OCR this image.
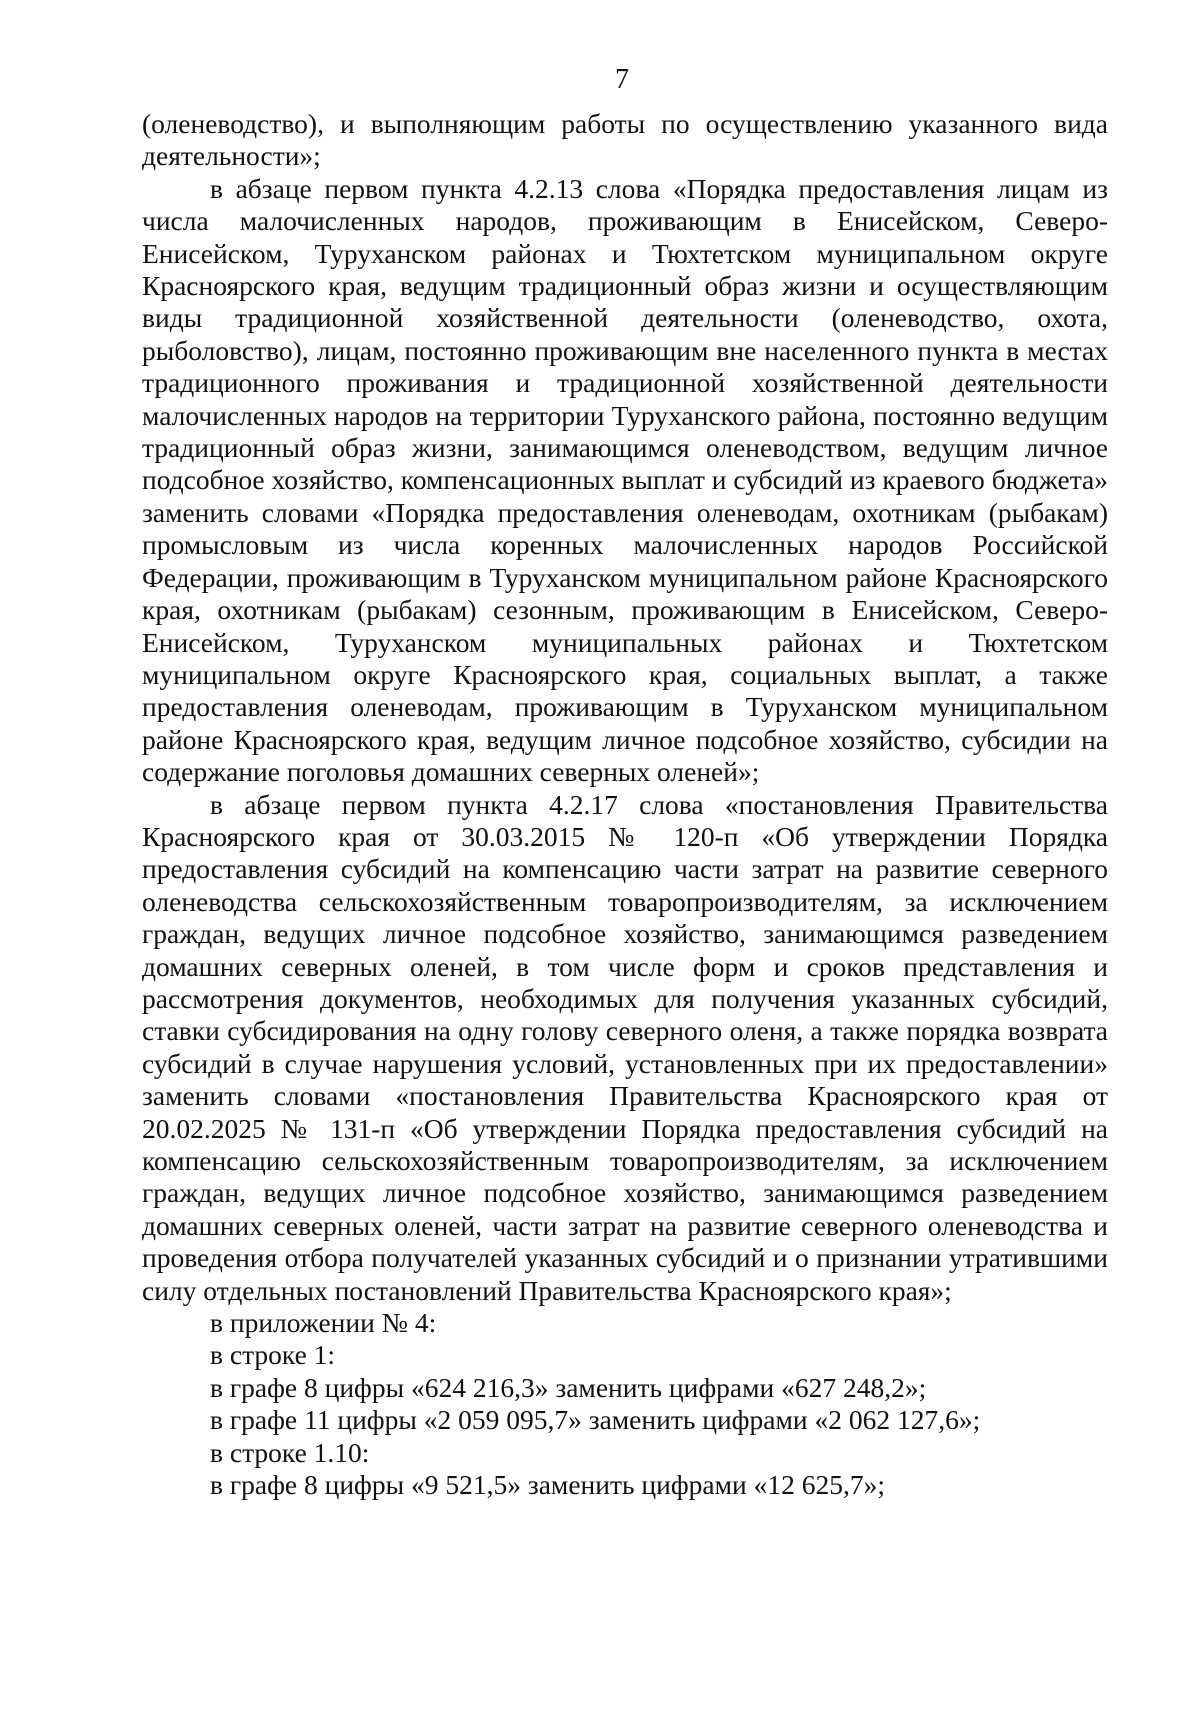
7

(оленеводство), и выполняющим работы по осуществлению указанного вида деятельности»;

в абзаце первом пункта 4.2.13 слова «Порядка предоставления лицам из числа малочисленных народов, проживающим в Енисейском, Северо-Енисейском, Туруханском районах и Тюхтетском муниципальном округе Красноярского края, ведущим традиционный образ жизни и осуществляющим виды традиционной хозяйственной деятельности (оленеводство, охота, рыболовство), лицам, постоянно проживающим вне населенного пункта в местах традиционного проживания и традиционной хозяйственной деятельности малочисленных народов на территории Туруханского района, постоянно ведущим традиционный образ жизни, занимающимся оленеводством, ведущим личное подсобное хозяйство, компенсационных выплат и субсидий из краевого бюджета» заменить словами «Порядка предоставления оленеводам, охотникам (рыбакам) промысловым из числа коренных малочисленных народов Российской Федерации, проживающим в Туруханском муниципальном районе Красноярского края, охотникам (рыбакам) сезонным, проживающим в Енисейском, Северо-Енисейском, Туруханском муниципальных районах и Тюхтетском муниципальном округе Красноярского края, социальных выплат, а также предоставления оленеводам, проживающим в Туруханском муниципальном районе Красноярского края, ведущим личное подсобное хозяйство, субсидии на содержание поголовья домашних северных оленей»;

в абзаце первом пункта 4.2.17 слова «постановления Правительства Красноярского края от 30.03.2015 № 120-п «Об утверждении Порядка предоставления субсидий на компенсацию части затрат на развитие северного оленеводства сельскохозяйственным товаропроизводителям, за исключением граждан, ведущих личное подсобное хозяйство, занимающимся разведением домашних северных оленей, в том числе форм и сроков представления и рассмотрения документов, необходимых для получения указанных субсидий, ставки субсидирования на одну голову северного оленя, а также порядка возврата субсидий в случае нарушения условий, установленных при их предоставлении» заменить словами «постановления Правительства Красноярского края от 20.02.2025 № 131-п «Об утверждении Порядка предоставления субсидий на компенсацию сельскохозяйственным товаропроизводителям, за исключением граждан, ведущих личное подсобное хозяйство, занимающимся разведением домашних северных оленей, части затрат на развитие северного оленеводства и проведения отбора получателей указанных субсидий и о признании утратившими силу отдельных постановлений Правительства Красноярского края»;

в приложении № 4:

в строке 1:

в графе 8 цифры «624 216,3» заменить цифрами «627 248,2»;

в графе 11 цифры «2 059 095,7» заменить цифрами «2 062 127,6»;

в строке 1.10:

в графе 8 цифры «9 521,5» заменить цифрами «12 625,7»;
